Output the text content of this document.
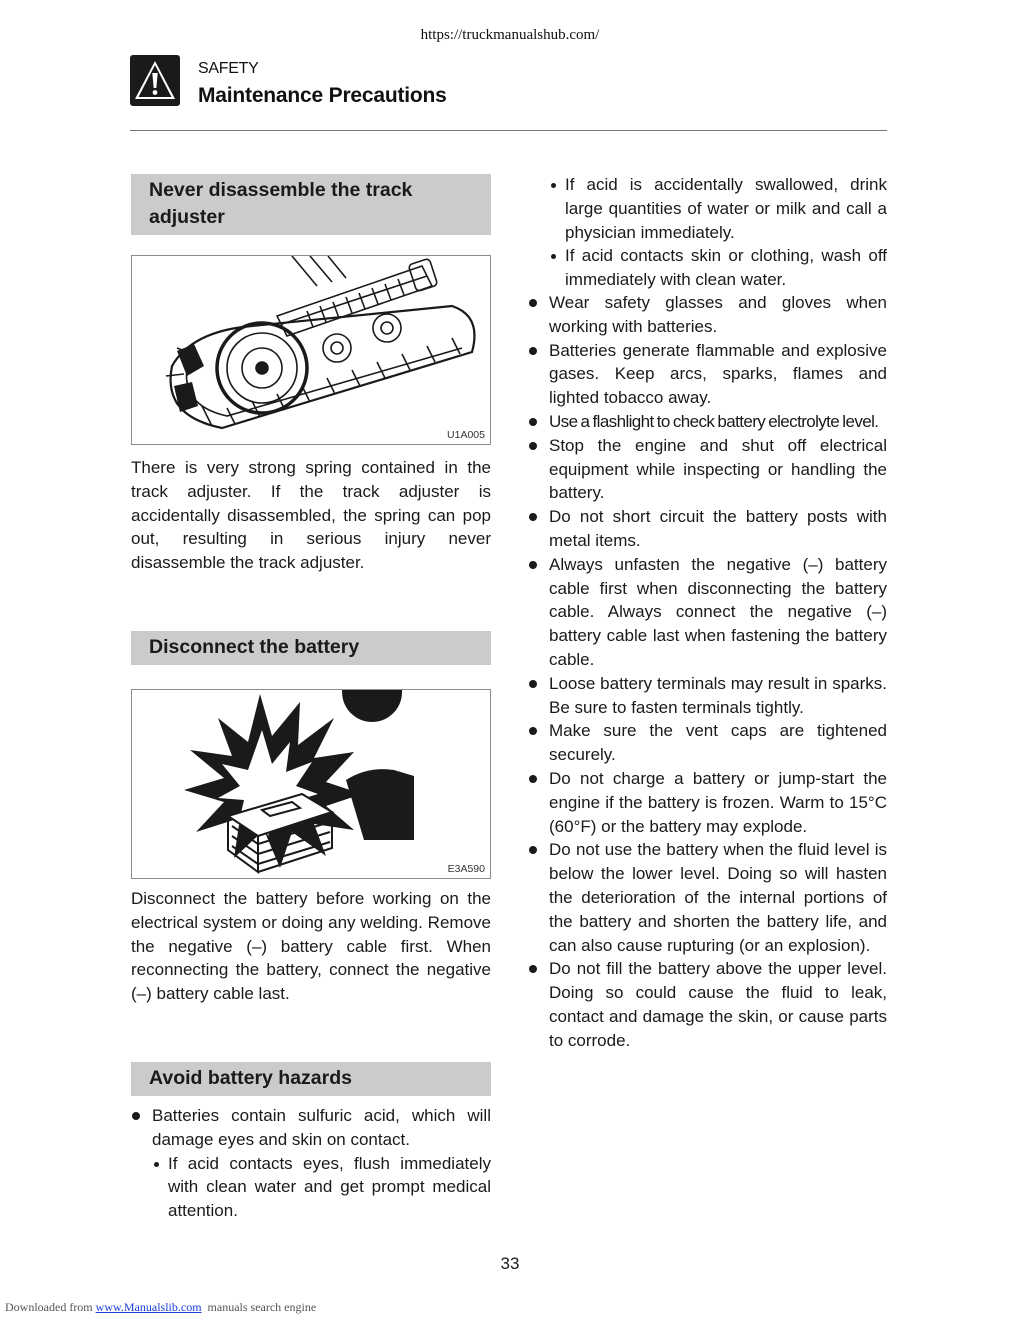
https://truckmanualshub.com/
SAFETY
Maintenance Precautions
Never disassemble the track adjuster
U1A005

There is very strong spring contained in the track adjuster. If the track adjuster is accidentally disassembled, the spring can pop out, resulting in serious injury never disassemble the track adjuster.

Disconnect the battery
E3A590

Disconnect the battery before working on the electrical system or doing any welding. Remove the negative (–) battery cable first. When reconnecting the battery, connect the negative (–) battery cable last.

Avoid battery hazards
Batteries contain sulfuric acid, which will damage eyes and skin on contact.
If acid contacts eyes, flush immediately with clean water and get prompt medical attention.
If acid is accidentally swallowed, drink large quantities of water or milk and call a physician immediately.
If acid contacts skin or clothing, wash off immediately with clean water.
Wear safety glasses and gloves when working with batteries.
Batteries generate flammable and explosive gases. Keep arcs, sparks, flames and lighted tobacco away.
Use a flashlight to check battery electrolyte level.
Stop the engine and shut off electrical equipment while inspecting or handling the battery.
Do not short circuit the battery posts with metal items.
Always unfasten the negative (–) battery cable first when disconnecting the battery cable. Always connect the negative (–) battery cable last when fastening the battery cable.
Loose battery terminals may result in sparks. Be sure to fasten terminals tightly.
Make sure the vent caps are tightened securely.
Do not charge a battery or jump-start the engine if the battery is frozen. Warm to 15°C (60°F) or the battery may explode.
Do not use the battery when the fluid level is below the lower level. Doing so will hasten the deterioration of the internal portions of the battery and shorten the battery life, and can also cause rupturing (or an explosion).
Do not fill the battery above the upper level. Doing so could cause the fluid to leak, contact and damage the skin, or cause parts to corrode.
33
Downloaded from www.Manualslib.com manuals search engine
